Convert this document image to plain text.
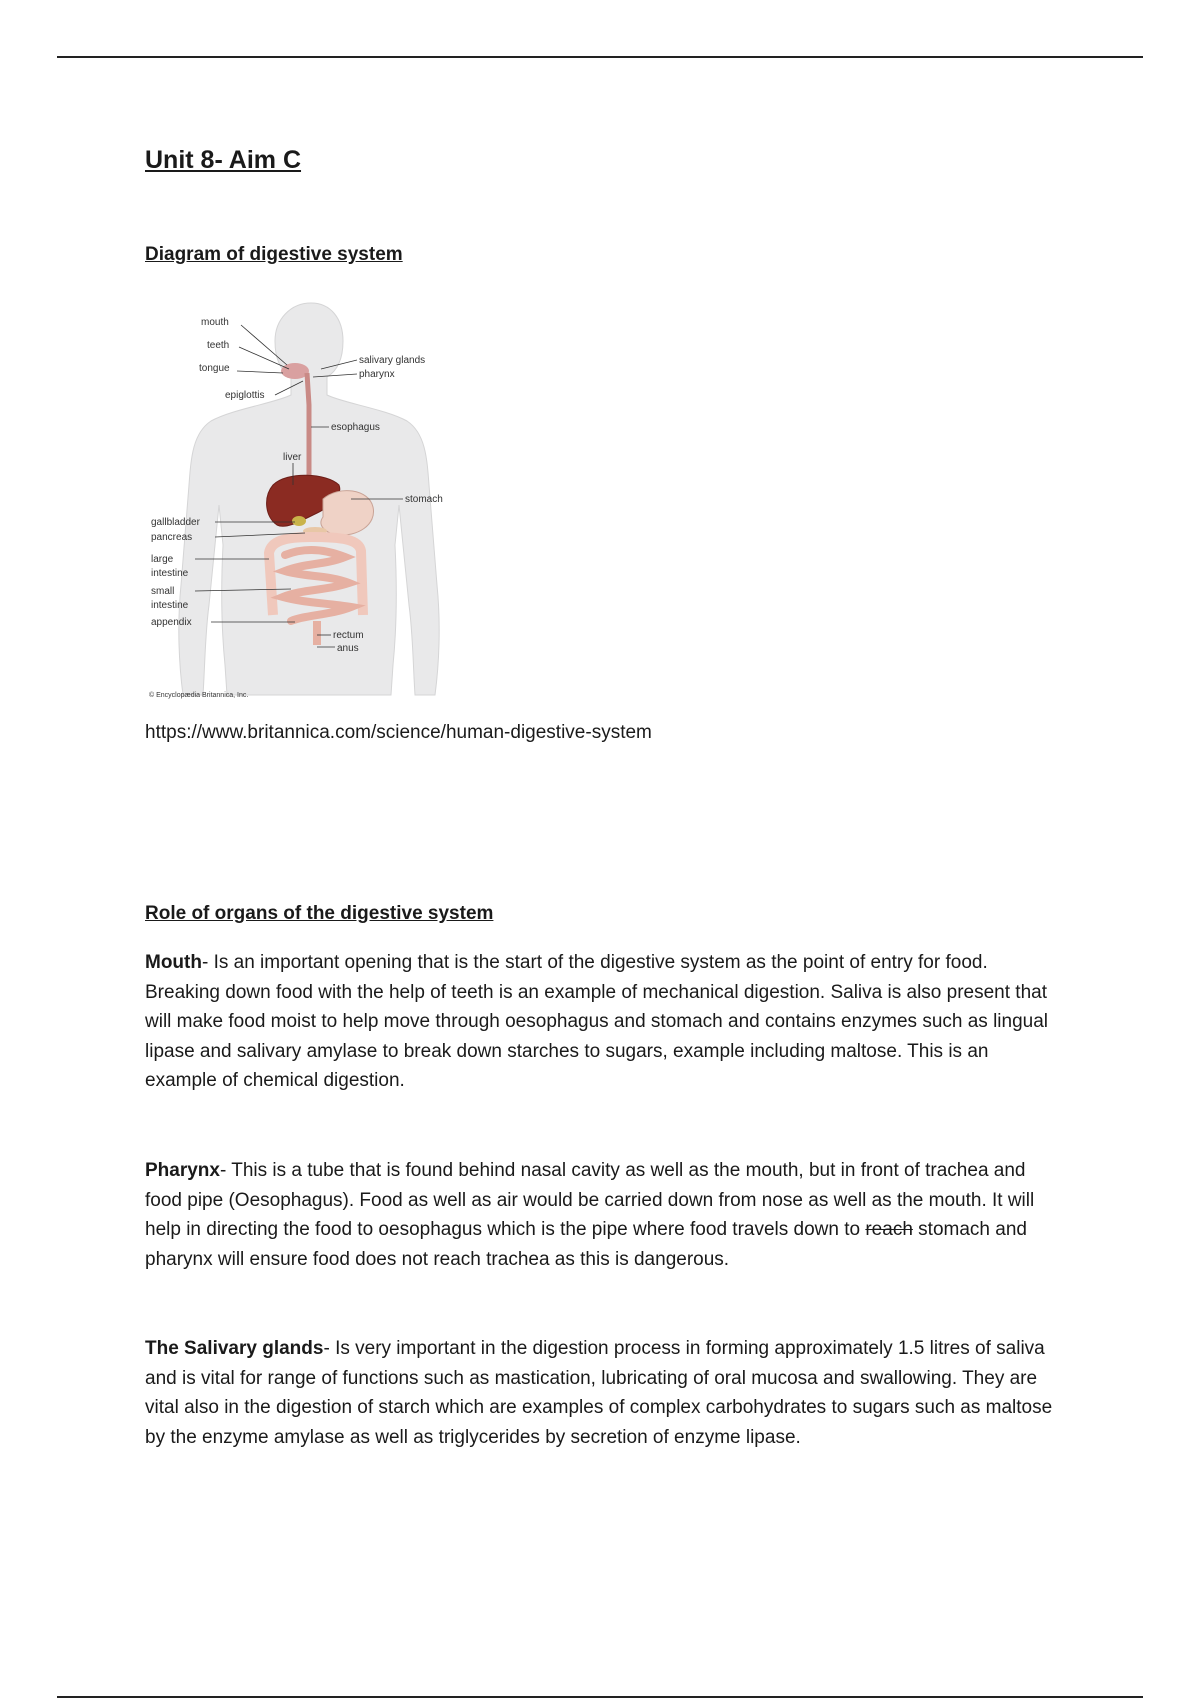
Unit 8- Aim C
Diagram of digestive system
mouth
teeth
tongue
epiglottis
salivary glands
pharynx
esophagus
liver
stomach
gallbladder
pancreas
large
intestine
small
intestine
appendix
rectum
anus
© Encyclopædia Britannica, Inc.
https://www.britannica.com/science/human-digestive-system
Role of organs of the digestive system

Mouth- Is an important opening that is the start of the digestive system as the point of entry for food. Breaking down food with the help of teeth is an example of mechanical digestion. Saliva is also present that will make food moist to help move through oesophagus and stomach and contains enzymes such as lingual lipase and salivary amylase to break down starches to sugars, example including maltose. This is an example of chemical digestion.

Pharynx- This is a tube that is found behind nasal cavity as well as the mouth, but in front of trachea and food pipe (Oesophagus). Food as well as air would be carried down from nose as well as the mouth. It will help in directing the food to oesophagus which is the pipe where food travels down to reach stomach and pharynx will ensure food does not reach trachea as this is dangerous.

The Salivary glands- Is very important in the digestion process in forming approximately 1.5 litres of saliva and is vital for range of functions such as mastication, lubricating of oral mucosa and swallowing. They are vital also in the digestion of starch which are examples of complex carbohydrates to sugars such as maltose by the enzyme amylase as well as triglycerides by secretion of enzyme lipase.
